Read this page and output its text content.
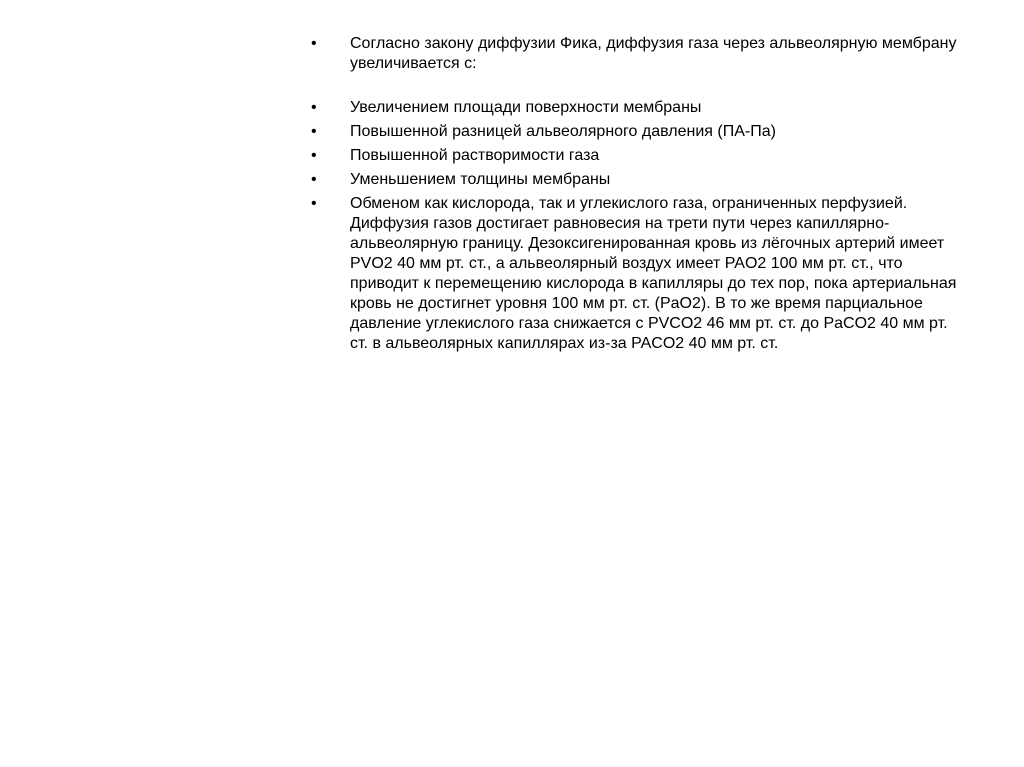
•	Согласно закону диффузии Фика, диффузия газа через альвеолярную мембрану увеличивается с:
•	Увеличением площади поверхности мембраны
•	Повышенной разницей альвеолярного давления (ПА-Па)
•	Повышенной растворимости газа
•	Уменьшением толщины мембраны
•	Обменом как кислорода, так и углекислого газа, ограниченных перфузией. Диффузия газов достигает равновесия на трети пути через капиллярно-альвеолярную границу. Дезоксигенированная кровь из лёгочных артерий имеет PVO2 40 мм рт. ст., а альвеолярный воздух имеет PAO2 100 мм рт. ст., что приводит к перемещению кислорода в капилляры до тех пор, пока артериальная кровь не достигнет уровня 100 мм рт. ст. (PaO2). В то же время парциальное давление углекислого газа снижается с PVCO2 46 мм рт. ст. до PaCO2 40 мм рт. ст. в альвеолярных капиллярах из-за PACO2 40 мм рт. ст.
